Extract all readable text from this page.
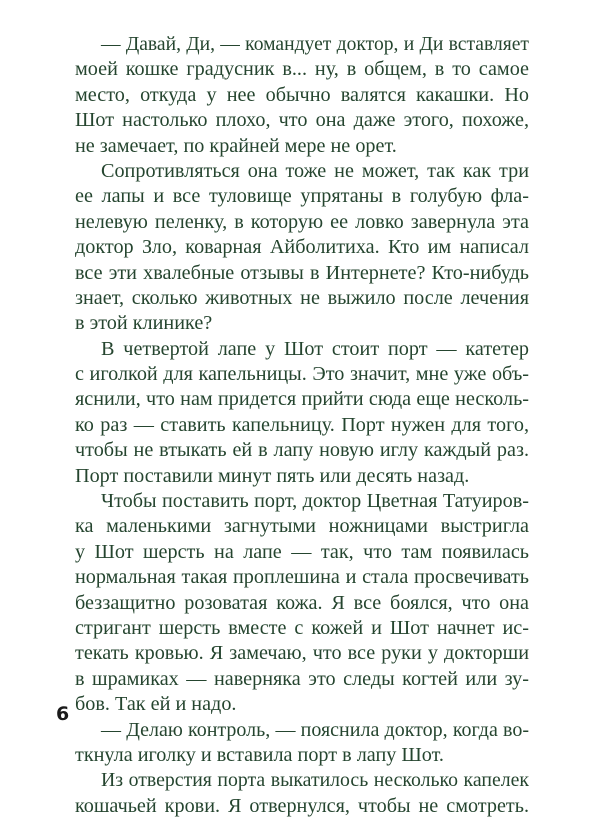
— Давай, Ди, — командует доктор, и Ди вставляет
моей кошке градусник в... ну, в общем, в то самое
место, откуда у нее обычно валятся какашки. Но
Шот настолько плохо, что она даже этого, похоже,
не замечает, по крайней мере не орет.

Сопротивляться она тоже не может, так как три
ее лапы и все туловище упрятаны в голубую фла-
нелевую пеленку, в которую ее ловко завернула эта
доктор Зло, коварная Айболитиха. Кто им написал
все эти хвалебные отзывы в Интернете? Кто-нибудь
знает, сколько животных не выжило после лечения
в этой клинике?

В четвертой лапе у Шот стоит порт — катетер
с иголкой для капельницы. Это значит, мне уже объ-
яснили, что нам придется прийти сюда еще несколь-
ко раз — ставить капельницу. Порт нужен для того,
чтобы не втыкать ей в лапу новую иглу каждый раз.
Порт поставили минут пять или десять назад.

Чтобы поставить порт, доктор Цветная Татуиров-
ка маленькими загнутыми ножницами выстригла
у Шот шерсть на лапе — так, что там появилась
нормальная такая проплешина и стала просвечивать
беззащитно розоватая кожа. Я все боялся, что она
стригант шерсть вместе с кожей и Шот начнет ис-
текать кровью. Я замечаю, что все руки у докторши
в шрамиках — наверняка это следы когтей или зу-
бов. Так ей и надо.

— Делаю контроль, — пояснила доктор, когда во-
ткнула иголку и вставила порт в лапу Шот.

Из отверстия порта выкатилось несколько капелек
кошачьей крови. Я отвернулся, чтобы не смотреть.

6
